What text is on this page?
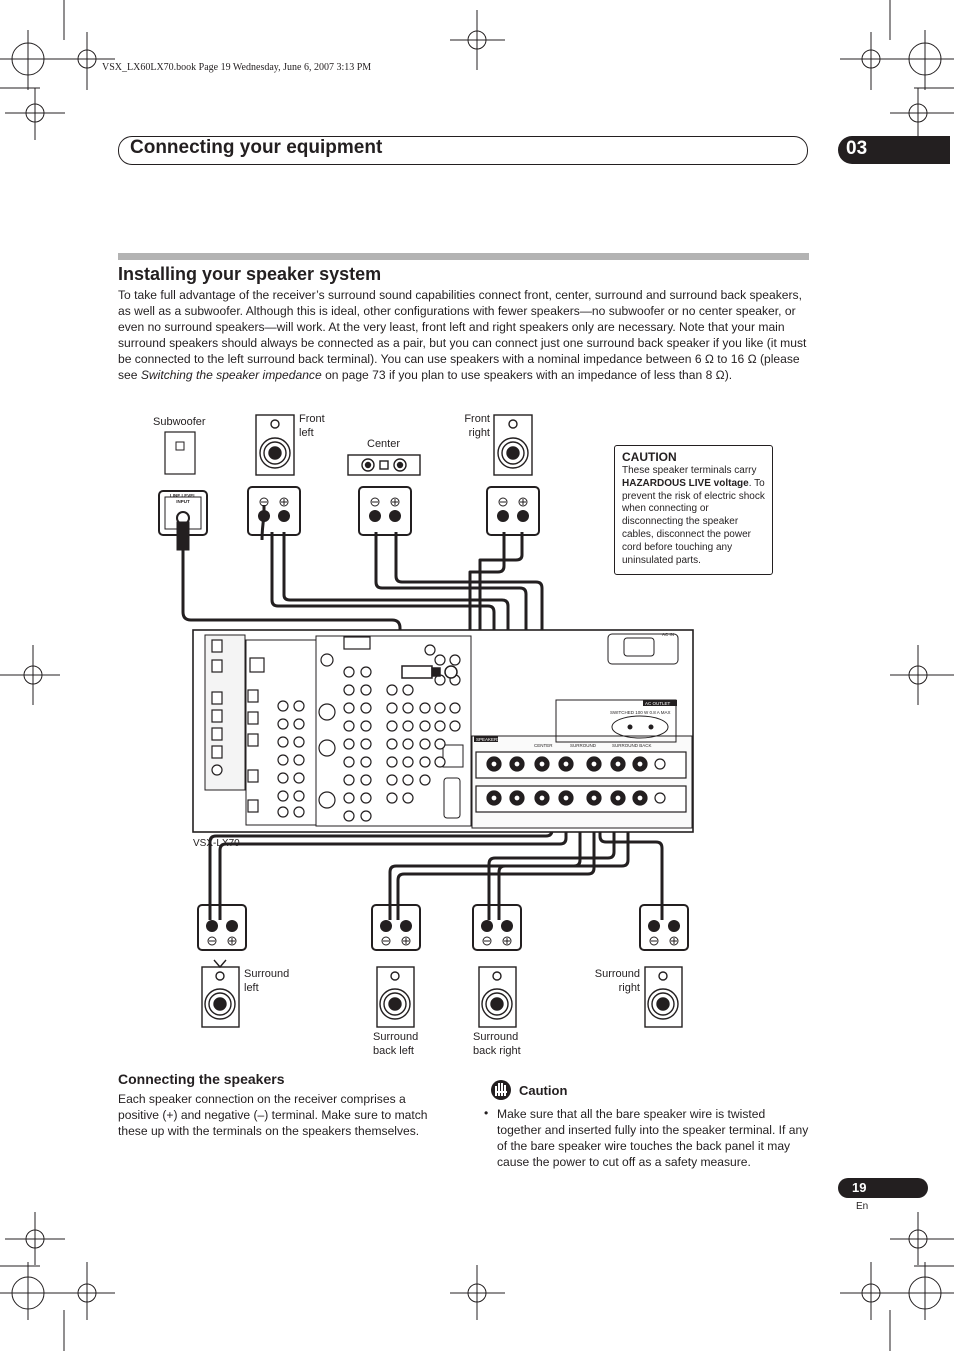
SPEAKERS
CENTER	SURROUND	SURROUND BACK
AC OUTLET
SWITCHED 100 W 0.8 A MAX
AC IN
VSX_LX60LX70.book Page 19 Wednesday, June 6, 2007 3:13 PM
Connecting your equipment	03
Installing your speaker system
To take full advantage of the receiver’s surround sound capabilities connect front, center, surround and surround back speakers, as well as a subwoofer. Although this is ideal, other configurations with fewer speakers—no subwoofer or no center speaker, or even no surround speakers—will work. At the very least, front left and right speakers only are necessary. Note that your main surround speakers should always be connected as a pair, but you can connect just one surround back speaker if you like (it must be connected to the left surround back terminal). You can use speakers with a nominal impedance between 6 Ω to 16 Ω (please see Switching the speaker impedance on page 73 if you plan to use speakers with an impedance of less than 8 Ω).
Subwoofer	Front
left
Center
Front
right
LINE LEVEL
INPUT
VSX-LX70
Surround
left
Surround
back left
Surround
back right
Surround
right
CAUTION
These speaker terminals carry HAZARDOUS LIVE voltage. To prevent the risk of electric shock when connecting or disconnecting the speaker cables, disconnect the power cord before touching any uninsulated parts.
Connecting the speakers
Each speaker connection on the receiver comprises a positive (+) and negative (–) terminal. Make sure to match these up with the terminals on the speakers themselves.
Caution
• Make sure that all the bare speaker wire is twisted together and inserted fully into the speaker terminal. If any of the bare speaker wire touches the back panel it may cause the power to cut off as a safety measure.
19
En
